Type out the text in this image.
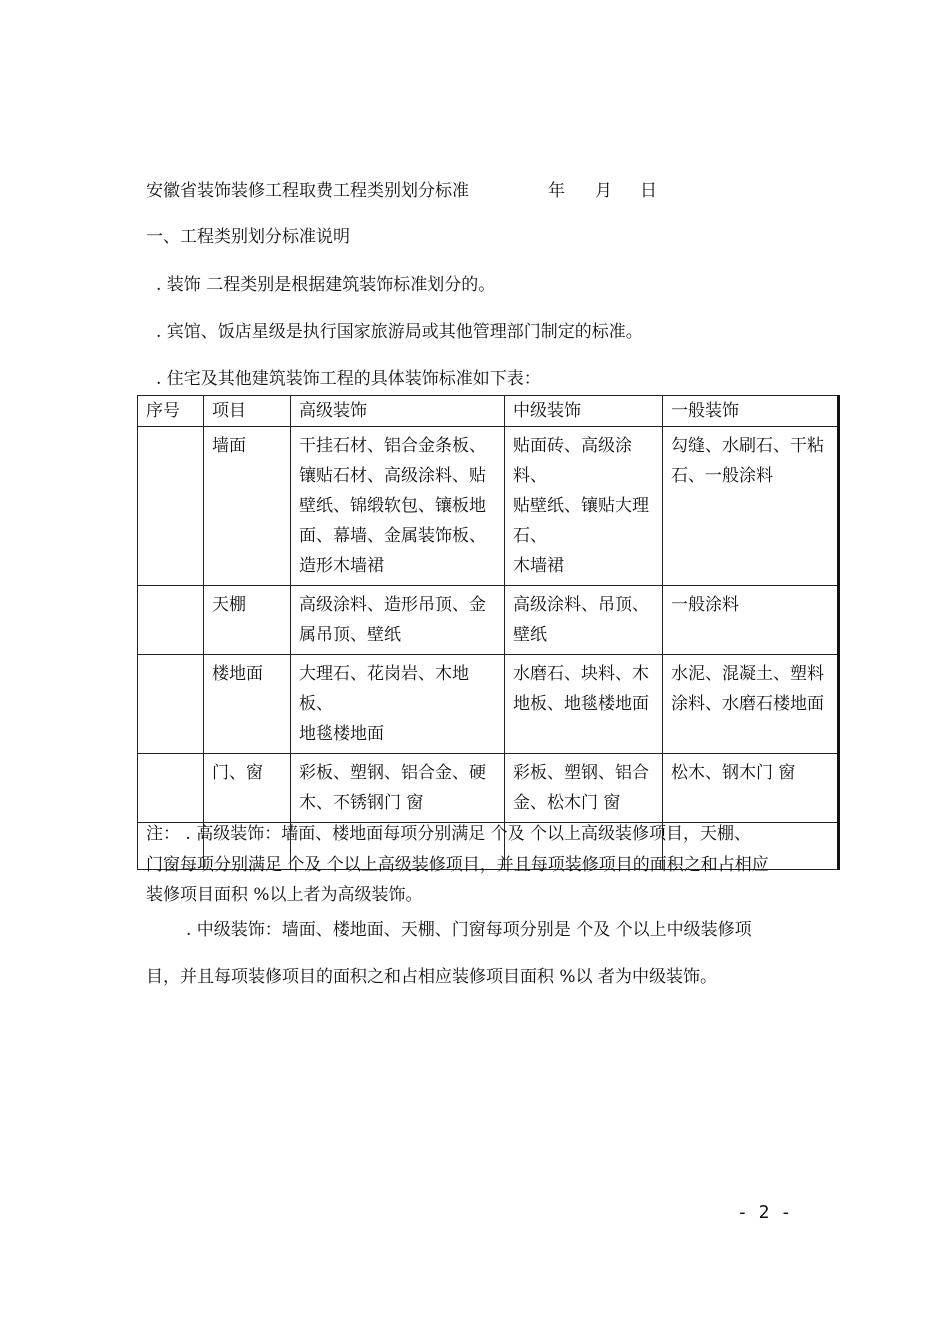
安徽省装饰装修工程取费工程类别划分标准	年 月 日
一、工程类别划分标准说明
. 装饰 二程类别是根据建筑装饰标准划分的。
. 宾馆、饭店星级是执行国家旅游局或其他管理部门制定的标准。
. 住宅及其他建筑装饰工程的具体装饰标准如下表：
序号	项目	高级装饰	中级装饰	一般装饰
	墙面	干挂石材、铝合金条板、
镶贴石材、高级涂料、贴
壁纸、锦缎软包、镶板地
面、幕墙、金属装饰板、
造形木墙裙	贴面砖、高级涂
料、
贴壁纸、镶贴大理
石、
木墙裙	勾缝、水刷石、干粘
石、一般涂料

	天棚	高级涂料、造形吊顶、金
属吊顶、壁纸	高级涂料、吊顶、
壁纸	一般涂料

	楼地面	大理石、花岗岩、木地板、
地毯楼地面	水磨石、块料、木
地板、地毯楼地面	水泥、混凝土、塑料
涂料、水磨石楼地面

	门、窗	彩板、塑钢、铝合金、硬
木、不锈钢门 窗	彩板、塑钢、铝合
金、松木门 窗	松木、钢木门 窗

注： . 高级装饰：墙面、楼地面每项分别满足 个及 个以上高级装修项目，天棚、
门窗每项分别满足 个及 个以上高级装修项目，并且每项装修项目的面积之和占相应
装修项目面积 %以上者为高级装饰。
. 中级装饰：墙面、楼地面、天棚、门窗每项分别是 个及 个以上中级装修项
目，并且每项装修项目的面积之和占相应装修项目面积 %以 者为中级装饰。
- 2 -
